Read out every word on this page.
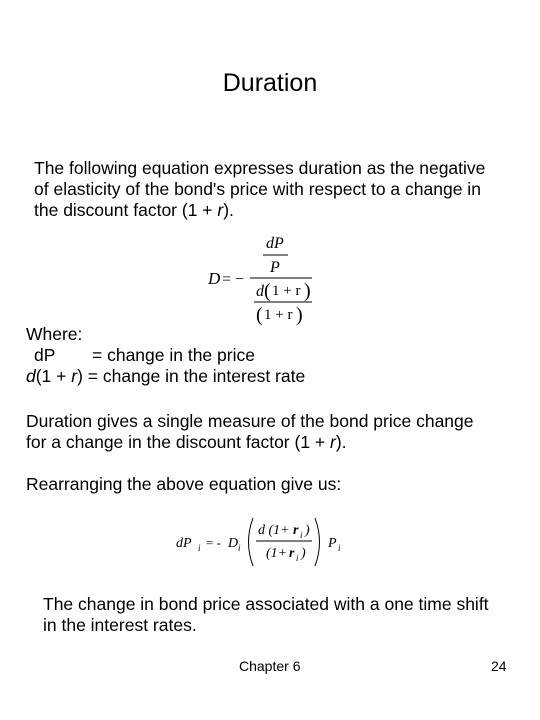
Duration
The following equation expresses duration as the negative
of elasticity of the bond's price with respect to a change in
the discount factor (1 + r).
D = −
dP
P
d ( 1 + r )
( 1 + r )
Where:
dP = change in the price
d(1 + r) = change in the interest rate
Duration gives a single measure of the bond price change
for a change in the discount factor (1 + r).
Rearranging the above equation give us:
dP i = - D i
d (1+ r i )
(1+ r i )
P i
The change in bond price associated with a one time shift
in the interest rates.
Chapter 6	24
